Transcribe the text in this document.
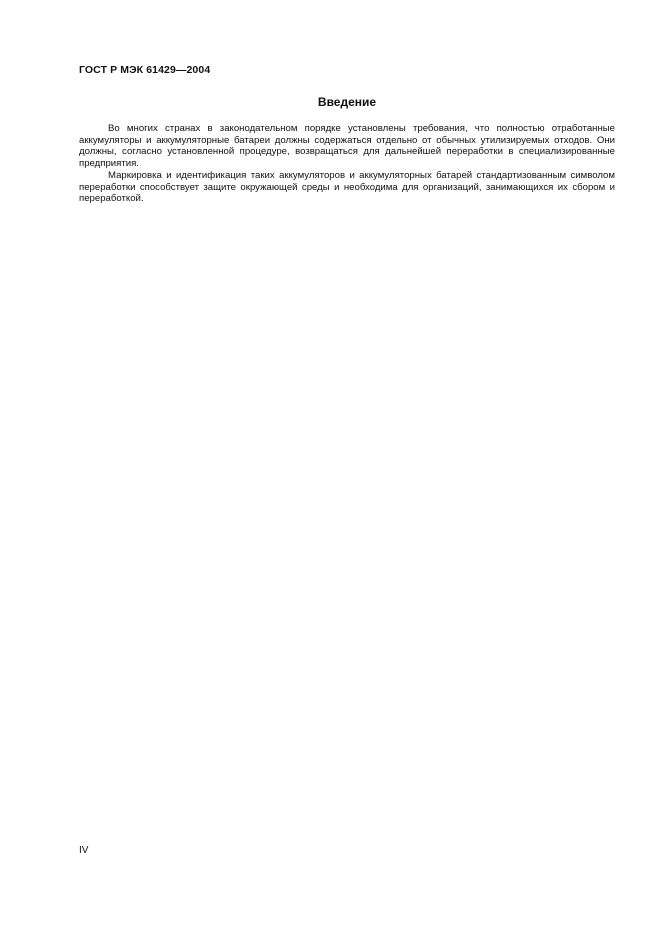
ГОСТ Р МЭК 61429—2004
Введение

Во многих странах в законодательном порядке установлены требования, что полностью отработанные аккумуляторы и аккумуляторные батареи должны содержаться отдельно от обычных утилизируемых отходов. Они должны, согласно установленной процедуре, возвращаться для дальнейшей переработки в специализированные предприятия.

Маркировка и идентификация таких аккумуляторов и аккумуляторных батарей стандартизованным символом переработки способствует защите окружающей среды и необходима для организаций, занимающихся их сбором и переработкой.

IV
